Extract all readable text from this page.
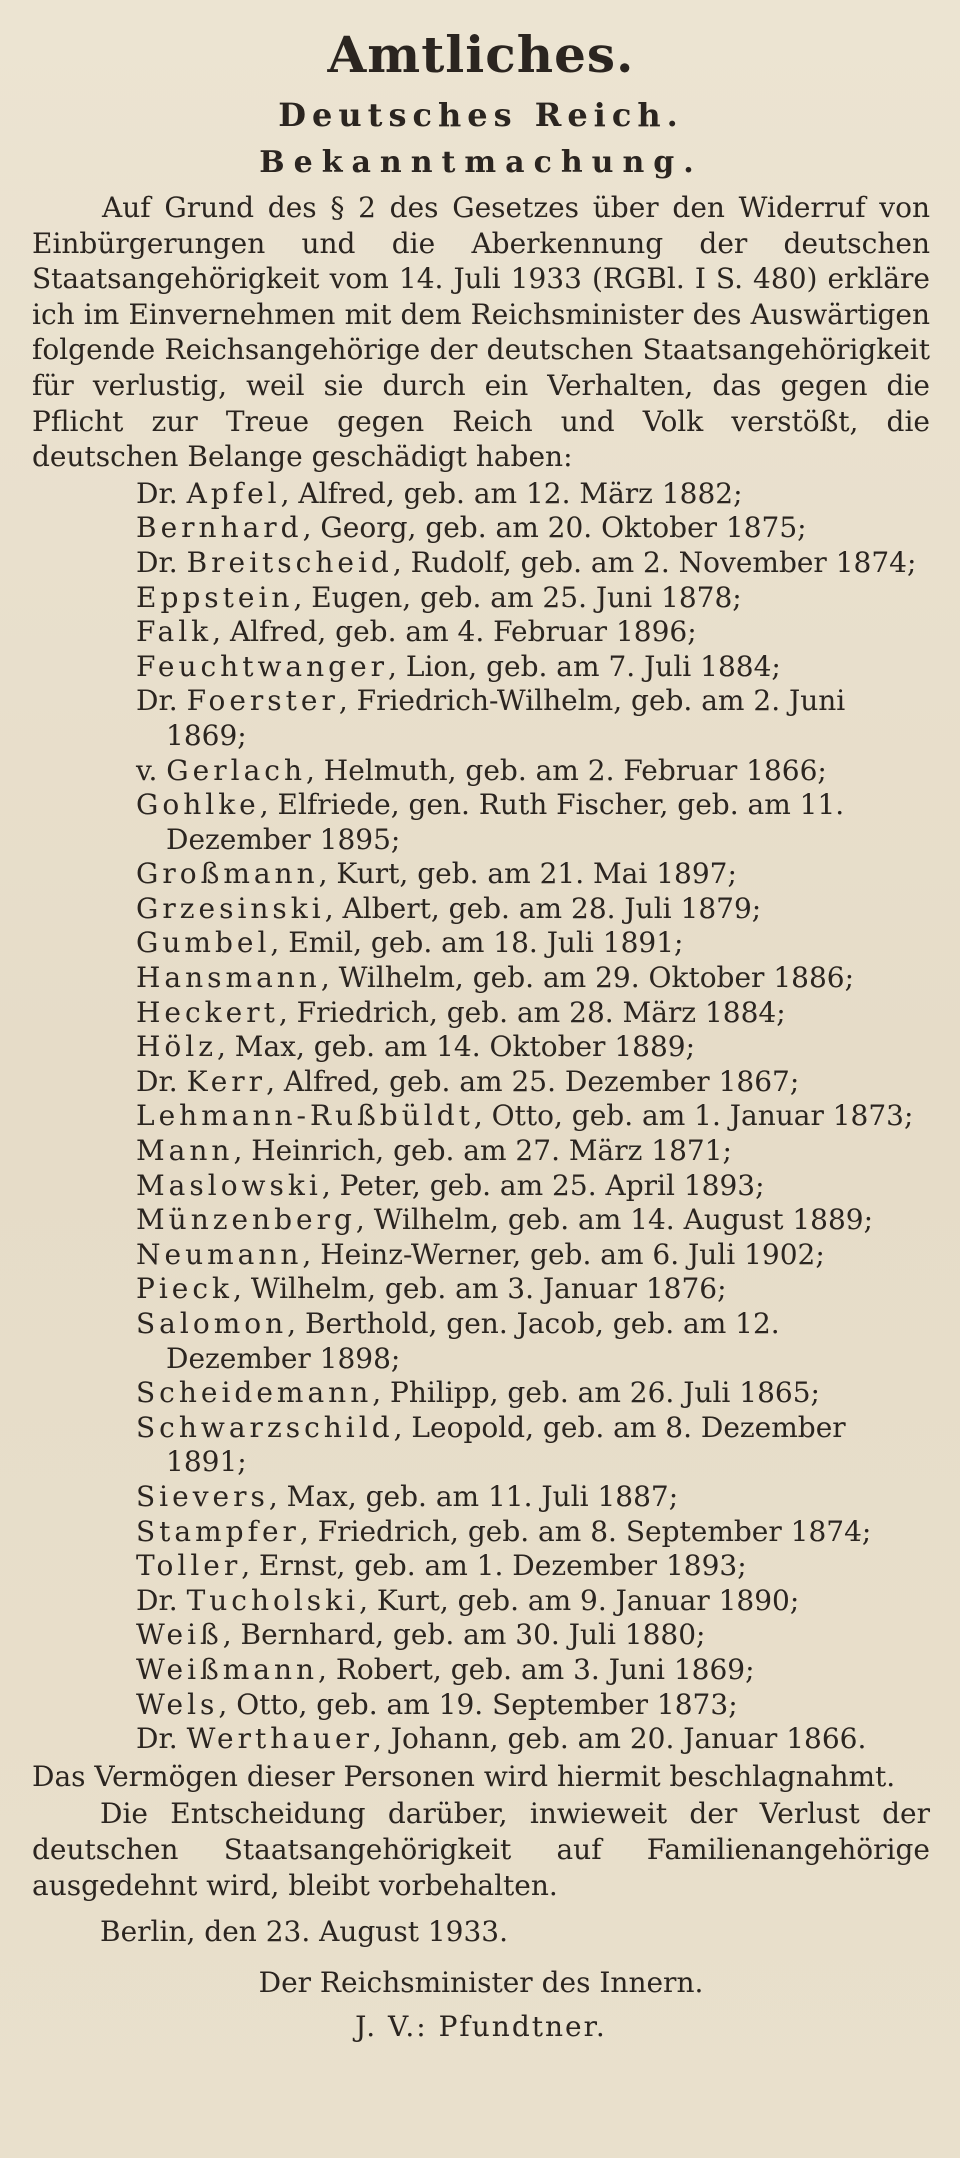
Amtliches.
Deutsches Reich.
Bekanntmachung.

Auf Grund des § 2 des Gesetzes über den Widerruf von Einbürgerungen und die Aberkennung der deutschen Staatsangehörigkeit vom 14. Juli 1933 (RGBl. I S. 480) erkläre ich im Einvernehmen mit dem Reichsminister des Auswärtigen folgende Reichsangehörige der deutschen Staatsangehörigkeit für verlustig, weil sie durch ein Verhalten, das gegen die Pflicht zur Treue gegen Reich und Volk verstößt, die deutschen Belange geschädigt haben:

Dr. Apfel, Alfred, geb. am 12. März 1882;
Bernhard, Georg, geb. am 20. Oktober 1875;
Dr. Breitscheid, Rudolf, geb. am 2. November 1874;
Eppstein, Eugen, geb. am 25. Juni 1878;
Falk, Alfred, geb. am 4. Februar 1896;
Feuchtwanger, Lion, geb. am 7. Juli 1884;
Dr. Foerster, Friedrich-Wilhelm, geb. am 2. Juni 1869;
v. Gerlach, Helmuth, geb. am 2. Februar 1866;
Gohlke, Elfriede, gen. Ruth Fischer, geb. am 11. Dezember 1895;
Großmann, Kurt, geb. am 21. Mai 1897;
Grzesinski, Albert, geb. am 28. Juli 1879;
Gumbel, Emil, geb. am 18. Juli 1891;
Hansmann, Wilhelm, geb. am 29. Oktober 1886;
Heckert, Friedrich, geb. am 28. März 1884;
Hölz, Max, geb. am 14. Oktober 1889;
Dr. Kerr, Alfred, geb. am 25. Dezember 1867;
Lehmann-Rußbüldt, Otto, geb. am 1. Januar 1873;
Mann, Heinrich, geb. am 27. März 1871;
Maslowski, Peter, geb. am 25. April 1893;
Münzenberg, Wilhelm, geb. am 14. August 1889;
Neumann, Heinz-Werner, geb. am 6. Juli 1902;
Pieck, Wilhelm, geb. am 3. Januar 1876;
Salomon, Berthold, gen. Jacob, geb. am 12. Dezember 1898;
Scheidemann, Philipp, geb. am 26. Juli 1865;
Schwarzschild, Leopold, geb. am 8. Dezember 1891;
Sievers, Max, geb. am 11. Juli 1887;
Stampfer, Friedrich, geb. am 8. September 1874;
Toller, Ernst, geb. am 1. Dezember 1893;
Dr. Tucholski, Kurt, geb. am 9. Januar 1890;
Weiß, Bernhard, geb. am 30. Juli 1880;
Weißmann, Robert, geb. am 3. Juni 1869;
Wels, Otto, geb. am 19. September 1873;
Dr. Werthauer, Johann, geb. am 20. Januar 1866.

Das Vermögen dieser Personen wird hiermit beschlagnahmt.

Die Entscheidung darüber, inwieweit der Verlust der deutschen Staatsangehörigkeit auf Familienangehörige ausgedehnt wird, bleibt vorbehalten.

Berlin, den 23. August 1933.

Der Reichsminister des Innern.

J. V.: Pfundtner.
